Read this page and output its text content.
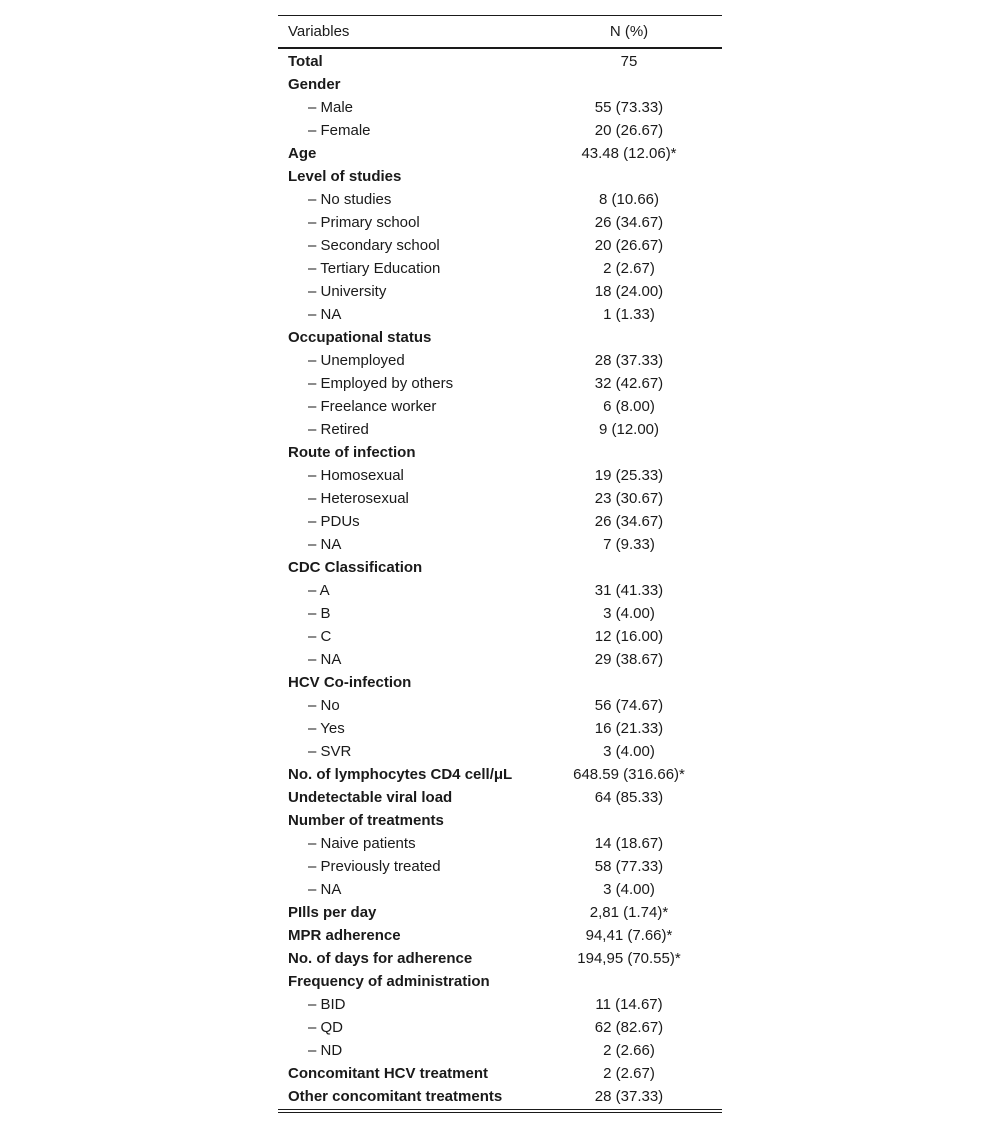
Variables	N (%)
Total	75
Gender	
– Male	55 (73.33)
– Female	20 (26.67)
Age	43.48 (12.06)*
Level of studies	
– No studies	8 (10.66)
– Primary school	26 (34.67)
– Secondary school	20 (26.67)
– Tertiary Education	2 (2.67)
– University	18 (24.00)
– NA	1 (1.33)
Occupational status	
– Unemployed	28 (37.33)
– Employed by others	32 (42.67)
– Freelance worker	6 (8.00)
– Retired	9 (12.00)
Route of infection	
– Homosexual	19 (25.33)
– Heterosexual	23 (30.67)
– PDUs	26 (34.67)
– NA	7 (9.33)
CDC Classification	
– A	31 (41.33)
– B	3 (4.00)
– C	12 (16.00)
– NA	29 (38.67)
HCV Co-infection	
– No	56 (74.67)
– Yes	16 (21.33)
– SVR	3 (4.00)
No. of lymphocytes CD4 cell/μL	648.59 (316.66)*
Undetectable viral load	64 (85.33)
Number of treatments	
– Naive patients	14 (18.67)
– Previously treated	58 (77.33)
– NA	3 (4.00)
PIlls per day	2,81 (1.74)*
MPR adherence	94,41 (7.66)*
No. of days for adherence	194,95 (70.55)*
Frequency of administration	
– BID	11 (14.67)
– QD	62 (82.67)
– ND	2 (2.66)
Concomitant HCV treatment	2 (2.67)
Other concomitant treatments	28 (37.33)
